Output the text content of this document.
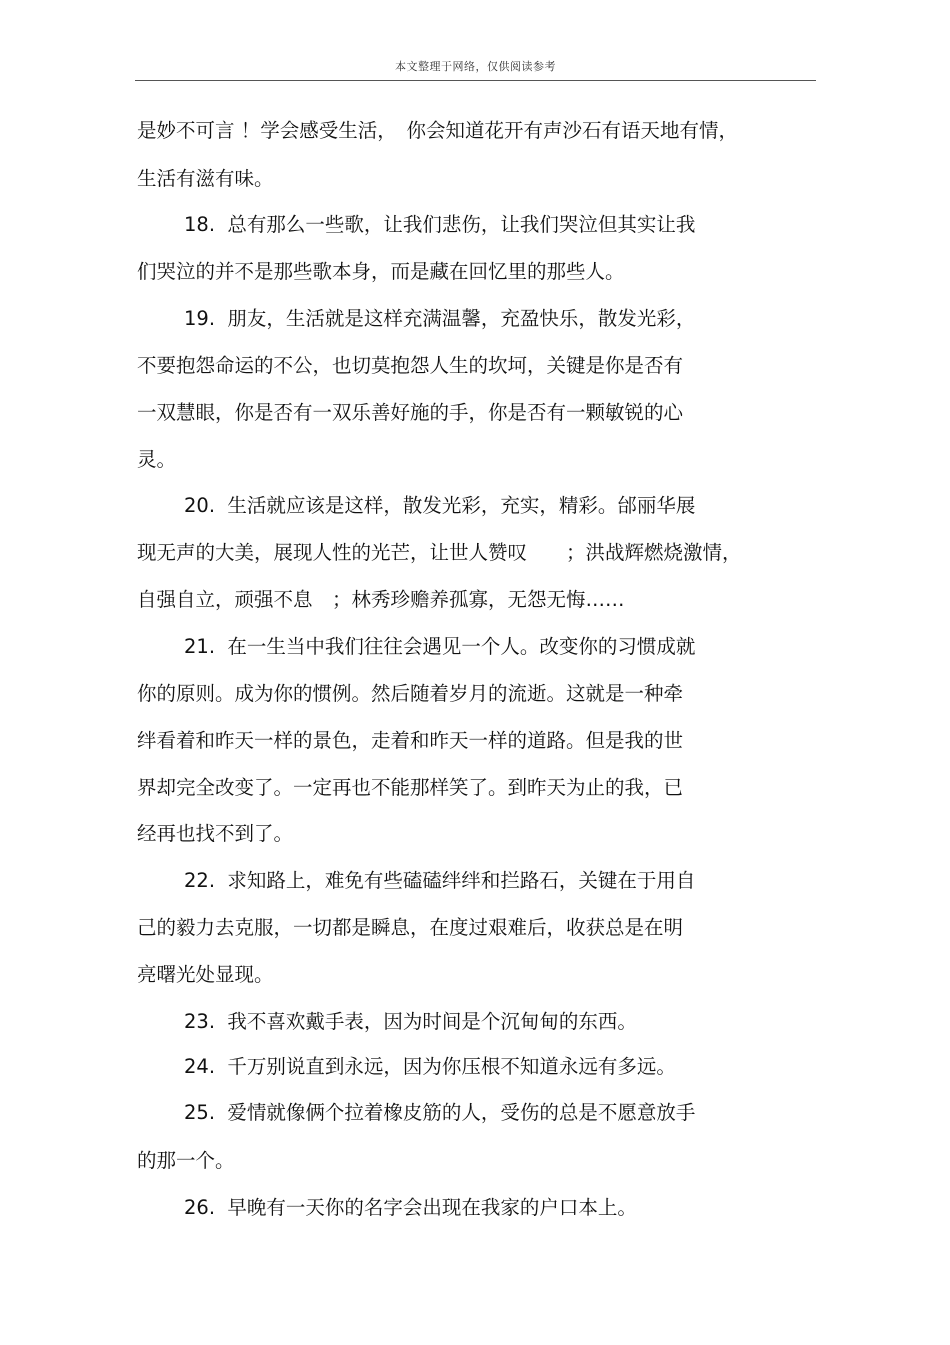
本文整理于网络，仅供阅读参考
是妙不可言 ！学会感受生活，　你会知道花开有声沙石有语天地有情，
生活有滋有味。
18.  总有那么一些歌，让我们悲伤，让我们哭泣但其实让我
们哭泣的并不是那些歌本身，而是藏在回忆里的那些人。
19.  朋友，生活就是这样充满温馨，充盈快乐，散发光彩，
不要抱怨命运的不公，也切莫抱怨人生的坎坷，关键是你是否有
一双慧眼，你是否有一双乐善好施的手，你是否有一颗敏锐的心
灵。
20.  生活就应该是这样，散发光彩，充实，精彩。邰丽华展
现无声的大美，展现人性的光芒，让世人赞叹　　；洪战辉燃烧激情，
自强自立，顽强不息　；林秀珍赡养孤寡，无怨无悔……
21.  在一生当中我们往往会遇见一个人。改变你的习惯成就
你的原则。成为你的惯例。然后随着岁月的流逝。这就是一种牵
绊看着和昨天一样的景色，走着和昨天一样的道路。但是我的世
界却完全改变了。一定再也不能那样笑了。到昨天为止的我，已
经再也找不到了。
22.  求知路上，难免有些磕磕绊绊和拦路石，关键在于用自
己的毅力去克服，一切都是瞬息，在度过艰难后，收获总是在明
亮曙光处显现。
23.  我不喜欢戴手表，因为时间是个沉甸甸的东西。
24.  千万别说直到永远，因为你压根不知道永远有多远。
25.  爱情就像俩个拉着橡皮筋的人，受伤的总是不愿意放手
的那一个。
26.  早晚有一天你的名字会出现在我家的户口本上。
